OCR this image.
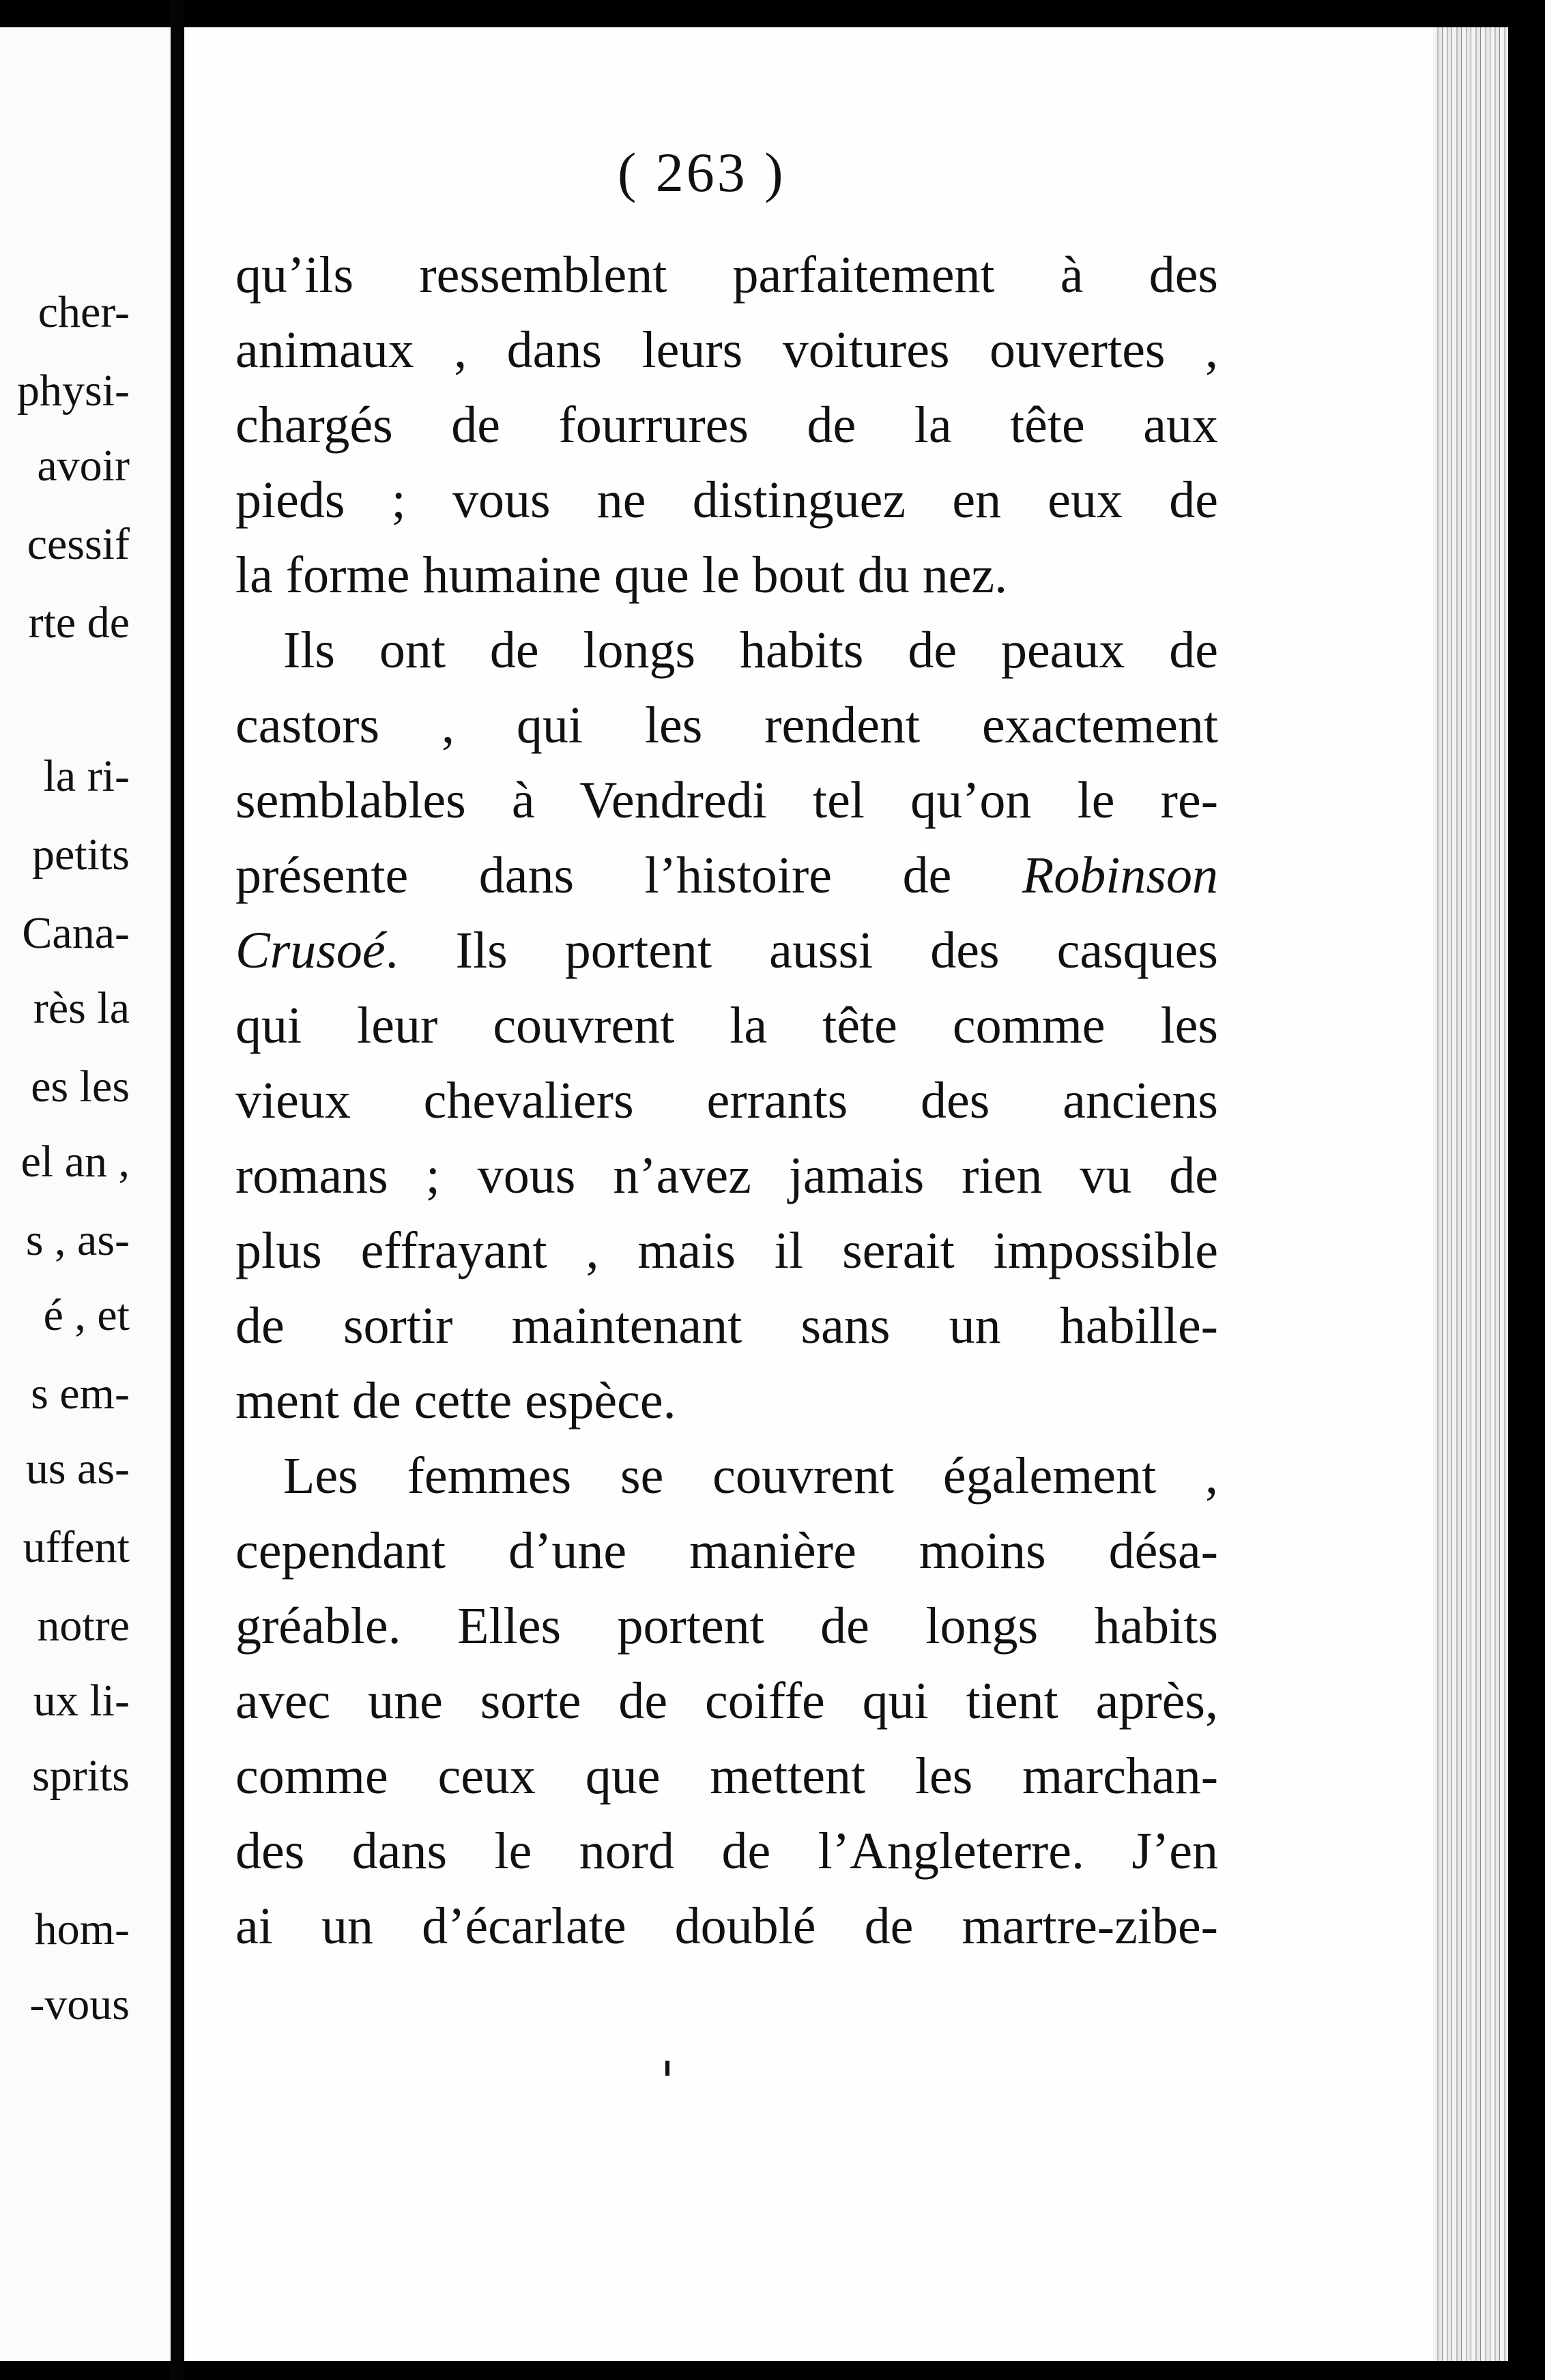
cher-
physi-
avoir
cessif
rte de
la ri-
petits
Cana-
rès la
es les
el an ,
s , as-
é , et
s em-
us as-
uffent
notre
ux li-
sprits
hom-
-vous
( 263 )
qu’ils ressemblent parfaitement à des
animaux , dans leurs voitures ouvertes ,
chargés de fourrures de la tête aux
pieds ; vous ne distinguez en eux de
la forme humaine que le bout du nez.
Ils ont de longs habits de peaux de
castors , qui les rendent exactement
semblables à Vendredi tel qu’on le re-
présente dans l’histoire de Robinson
Crusoé. Ils portent aussi des casques
qui leur couvrent la tête comme les
vieux chevaliers errants des anciens
romans ; vous n’avez jamais rien vu de
plus effrayant , mais il serait impossible
de sortir maintenant sans un habille-
ment de cette espèce.
Les femmes se couvrent également ,
cependant d’une manière moins désa-
gréable. Elles portent de longs habits
avec une sorte de coiffe qui tient après,
comme ceux que mettent les marchan-
des dans le nord de l’Angleterre. J’en
ai un d’écarlate doublé de martre-zibe-
